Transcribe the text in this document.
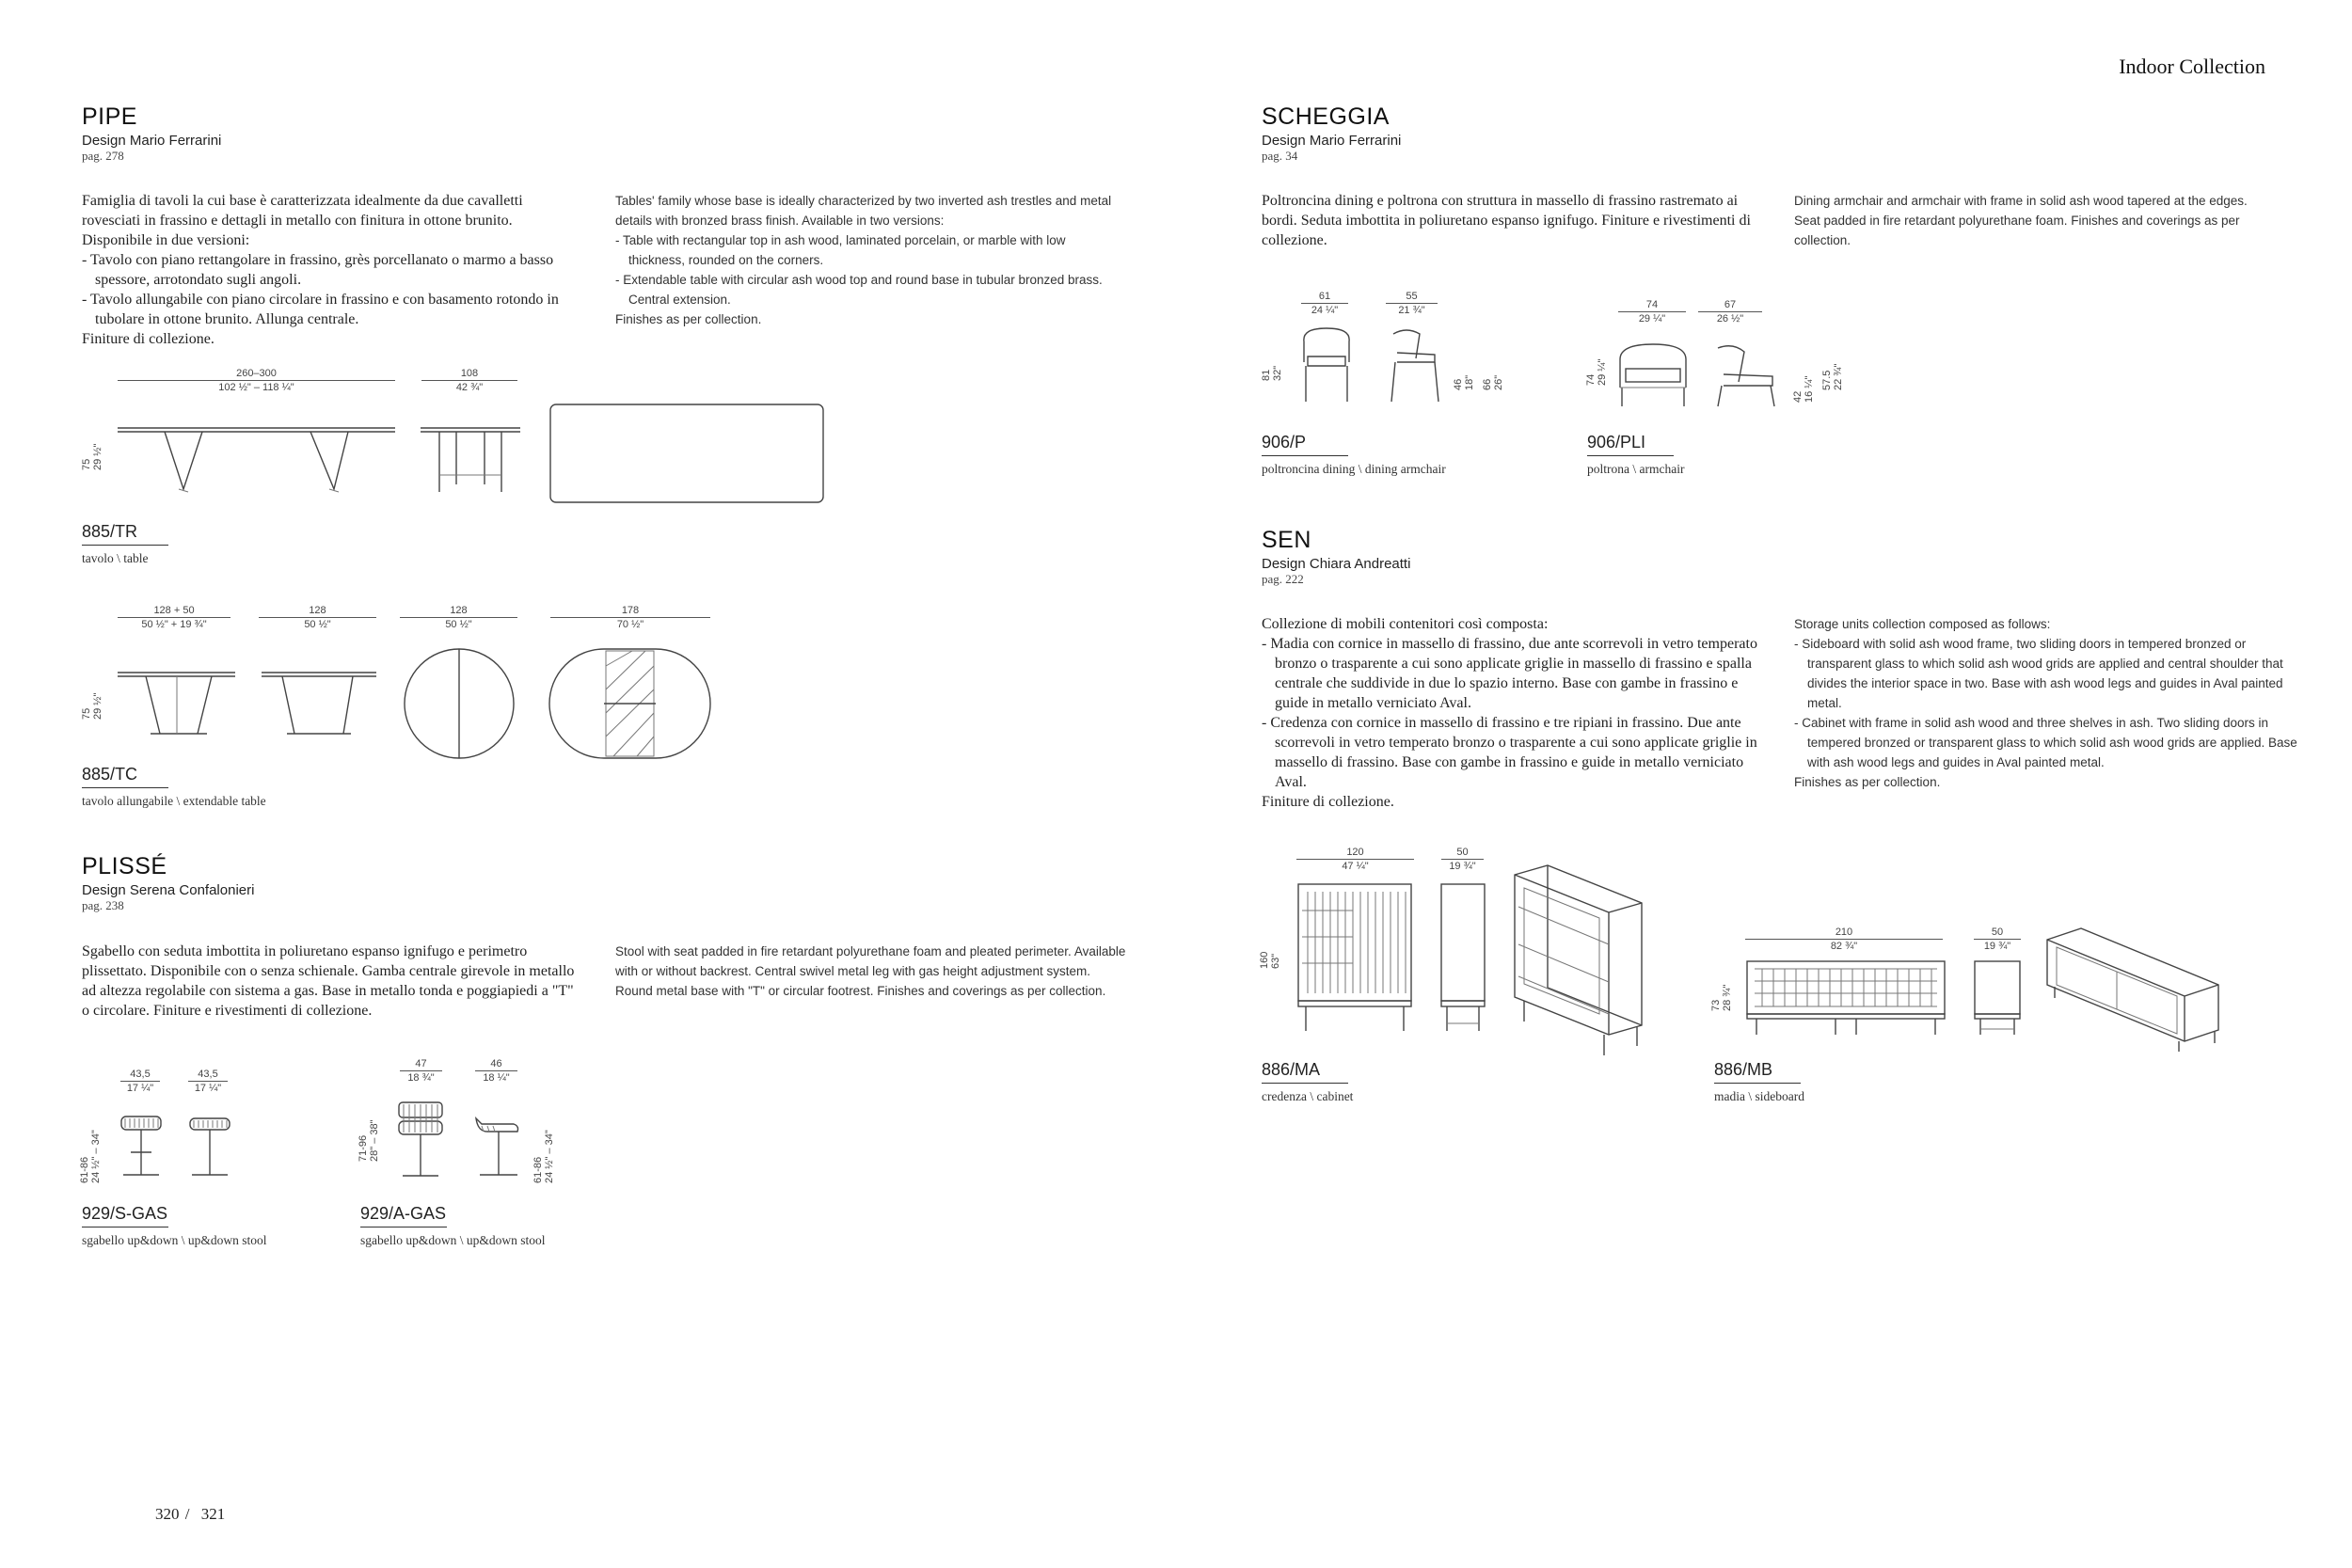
Indoor Collection
320 / 321
PIPE
Design Mario Ferrarini
pag. 278

Famiglia di tavoli la cui base è caratterizzata idealmente da due cavalletti rovesciati in frassino e dettagli in metallo con finitura in ottone brunito. Disponibile in due versioni:

- Tavolo con piano rettangolare in frassino, grès porcellanato o marmo a basso spessore, arrotondato sugli angoli.
- Tavolo allungabile con piano circolare in frassino e con basamento rotondo in tubolare in ottone brunito. Allunga centrale.

Finiture di collezione.

Tables' family whose base is ideally characterized by two inverted ash trestles and metal details with bronzed brass finish. Available in two versions:

- Table with rectangular top in ash wood, laminated porcelain, or marble with low thickness, rounded on the corners.
- Extendable table with circular ash wood top and round base in tubular bronzed brass. Central extension.

Finishes as per collection.

260–300
102 ½" – 118 ¼"
108
42 ¾"
75
29 ½"
885/TR
tavolo \ table
128 + 50
50 ½" + 19 ¾"
128
50 ½"
128
50 ½"
178
70 ½"
75
29 ½"
885/TC
tavolo allungabile \ extendable table
PLISSÉ
Design Serena Confalonieri
pag. 238

Sgabello con seduta imbottita in poliuretano espanso ignifugo e perimetro plissettato. Disponibile con o senza schienale. Gamba centrale girevole in metallo ad altezza regolabile con sistema a gas. Base in metallo tonda e poggiapiedi a "T" o circolare. Finiture e rivestimenti di collezione.

Stool with seat padded in fire retardant polyurethane foam and pleated perimeter. Available with or without backrest. Central swivel metal leg with gas height adjustment system. Round metal base with "T" or circular footrest. Finishes and coverings as per collection.

43,5
17 ¼"
43,5
17 ¼"
61-86
24 ½" – 34"
929/S-GAS
sgabello up&down \ up&down stool
47
18 ¾"
46
18 ¼"
71-96
28" – 38"
61-86
24 ½" – 34"
929/A-GAS
sgabello up&down \ up&down stool
SCHEGGIA
Design Mario Ferrarini
pag. 34

Poltroncina dining e poltrona con struttura in massello di frassino rastremato ai bordi. Seduta imbottita in poliuretano espanso ignifugo. Finiture e rivestimenti di collezione.

Dining armchair and armchair with frame in solid ash wood tapered at the edges. Seat padded in fire retardant polyurethane foam. Finishes and coverings as per collection.

61
24 ¼"
55
21 ¾"
81
32"
46
18" 66
26"
906/P
poltroncina dining \ dining armchair
74
29 ¼"
67
26 ½"
74
29 ¼"
42
16 ¼" 57.5
22 ¾"
906/PLI
poltrona \ armchair
SEN
Design Chiara Andreatti
pag. 222

Collezione di mobili contenitori così composta:

- Madia con cornice in massello di frassino, due ante scorrevoli in vetro temperato bronzo o trasparente a cui sono applicate griglie in massello di frassino e spalla centrale che suddivide in due lo spazio interno. Base con gambe in frassino e guide in metallo verniciato Aval.
- Credenza con cornice in massello di frassino e tre ripiani in frassino. Due ante scorrevoli in vetro temperato bronzo o trasparente a cui sono applicate griglie in massello di frassino. Base con gambe in frassino e guide in metallo verniciato Aval.

Finiture di collezione.

Storage units collection composed as follows:

- Sideboard with solid ash wood frame, two sliding doors in tempered bronzed or transparent glass to which solid ash wood grids are applied and central shoulder that divides the interior space in two. Base with ash wood legs and guides in Aval painted metal.
- Cabinet with frame in solid ash wood and three shelves in ash. Two sliding doors in tempered bronzed or transparent glass to which solid ash wood grids are applied. Base with ash wood legs and guides in Aval painted metal.

Finishes as per collection.

120
47 ¼"
50
19 ¾"
160
63"
886/MA
credenza \ cabinet
210
82 ¾"
50
19 ¾"
73
28 ¾"
886/MB
madia \ sideboard
